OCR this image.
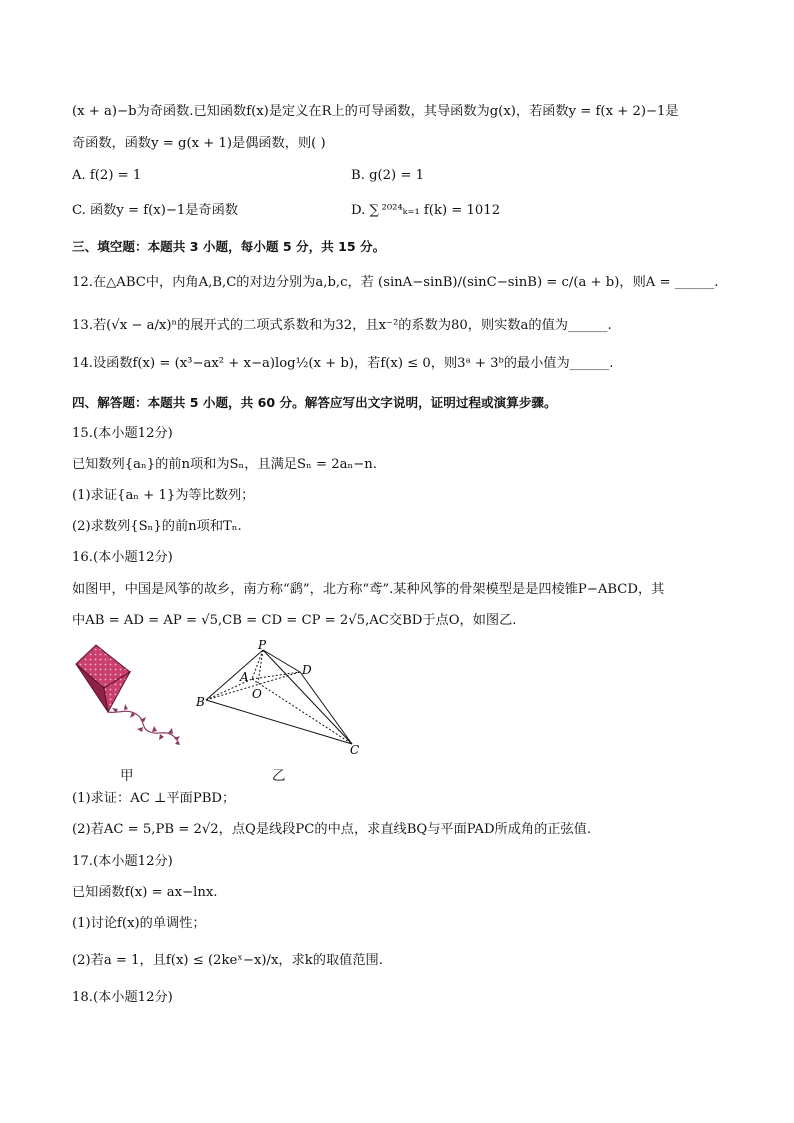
(x + a)−b为奇函数.已知函数f(x)是定义在R上的可导函数，其导函数为g(x)，若函数y = f(x + 2)−1是
奇函数，函数y = g(x + 1)是偶函数，则( )
A. f(2) = 1	B. g(2) = 1
C. 函数y = f(x)−1是奇函数	D. ∑ ²⁰²⁴ₖ₌₁ f(k) = 1012
三、填空题：本题共 3 小题，每小题 5 分，共 15 分。
12.在△ABC中，内角A,B,C的对边分别为a,b,c，若 (sinA−sinB)/(sinC−sinB) = c/(a + b)，则A = ______.
13.若(√x − a/x)ⁿ的展开式的二项式系数和为32，且x⁻²的系数为80，则实数a的值为______.
14.设函数f(x) = (x³−ax² + x−a)log½(x + b)，若f(x) ≤ 0，则3ᵃ + 3ᵇ的最小值为______.
四、解答题：本题共 5 小题，共 60 分。解答应写出文字说明，证明过程或演算步骤。
15.(本小题12分)
已知数列{aₙ}的前n项和为Sₙ，且满足Sₙ = 2aₙ−n.
(1)求证{aₙ + 1}为等比数列；
(2)求数列{Sₙ}的前n项和Tₙ.
16.(本小题12分)
如图甲，中国是风筝的故乡，南方称“鹞”，北方称“鸢”.某种风筝的骨架模型是是四棱锥P−ABCD，其
中AB = AD = AP = √5,CB = CD = CP = 2√5,AC交BD于点O，如图乙.
甲
P
A
B
C
D
O
乙
(1)求证：AC ⊥平面PBD；
(2)若AC = 5,PB = 2√2，点Q是线段PC的中点，求直线BQ与平面PAD所成角的正弦值.
17.(本小题12分)
已知函数f(x) = ax−lnx.
(1)讨论f(x)的单调性；
(2)若a = 1，且f(x) ≤ (2keˣ−x)/x，求k的取值范围.
18.(本小题12分)
